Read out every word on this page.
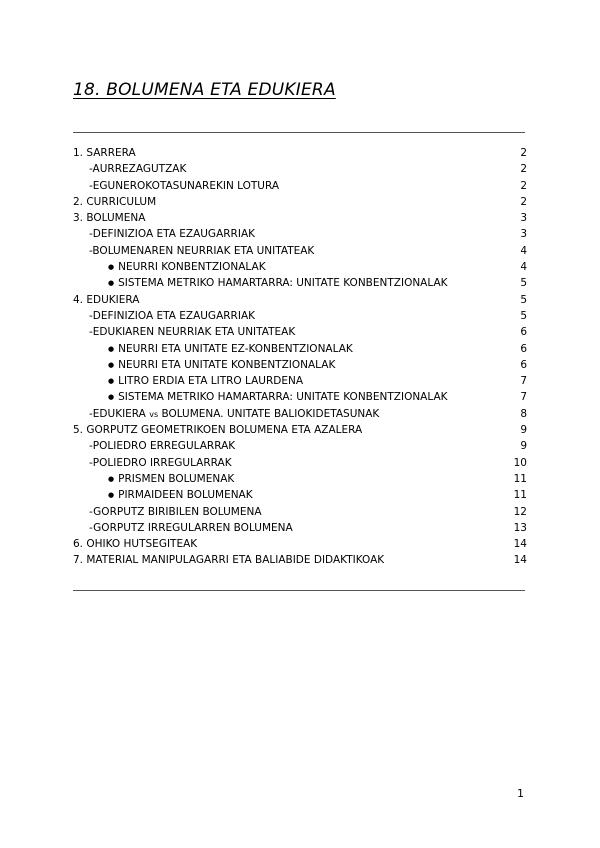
18. BOLUMENA ETA EDUKIERA
1. SARRERA	2
-AURREZAGUTZAK	2
-EGUNEROKOTASUNAREKIN LOTURA	2
2. CURRICULUM	2
3. BOLUMENA	3
-DEFINIZIOA ETA EZAUGARRIAK	3
-BOLUMENAREN NEURRIAK ETA UNITATEAK	4
● NEURRI KONBENTZIONALAK	4
● SISTEMA METRIKO HAMARTARRA: UNITATE KONBENTZIONALAK	5
4. EDUKIERA	5
-DEFINIZIOA ETA EZAUGARRIAK	5
-EDUKIAREN NEURRIAK ETA UNITATEAK	6
● NEURRI ETA UNITATE EZ-KONBENTZIONALAK	6
● NEURRI ETA UNITATE KONBENTZIONALAK	6
● LITRO ERDIA ETA LITRO LAURDENA	7
● SISTEMA METRIKO HAMARTARRA: UNITATE KONBENTZIONALAK	7
-EDUKIERA vs BOLUMENA. UNITATE BALIOKIDETASUNAK	8
5. GORPUTZ GEOMETRIKOEN BOLUMENA ETA AZALERA	9
-POLIEDRO ERREGULARRAK	9
-POLIEDRO IRREGULARRAK	10
● PRISMEN BOLUMENAK	11
● PIRMAIDEEN BOLUMENAK	11
-GORPUTZ BIRIBILEN BOLUMENA	12
-GORPUTZ IRREGULARREN BOLUMENA	13
6. OHIKO HUTSEGITEAK	14
7. MATERIAL MANIPULAGARRI ETA BALIABIDE DIDAKTIKOAK	14
1
